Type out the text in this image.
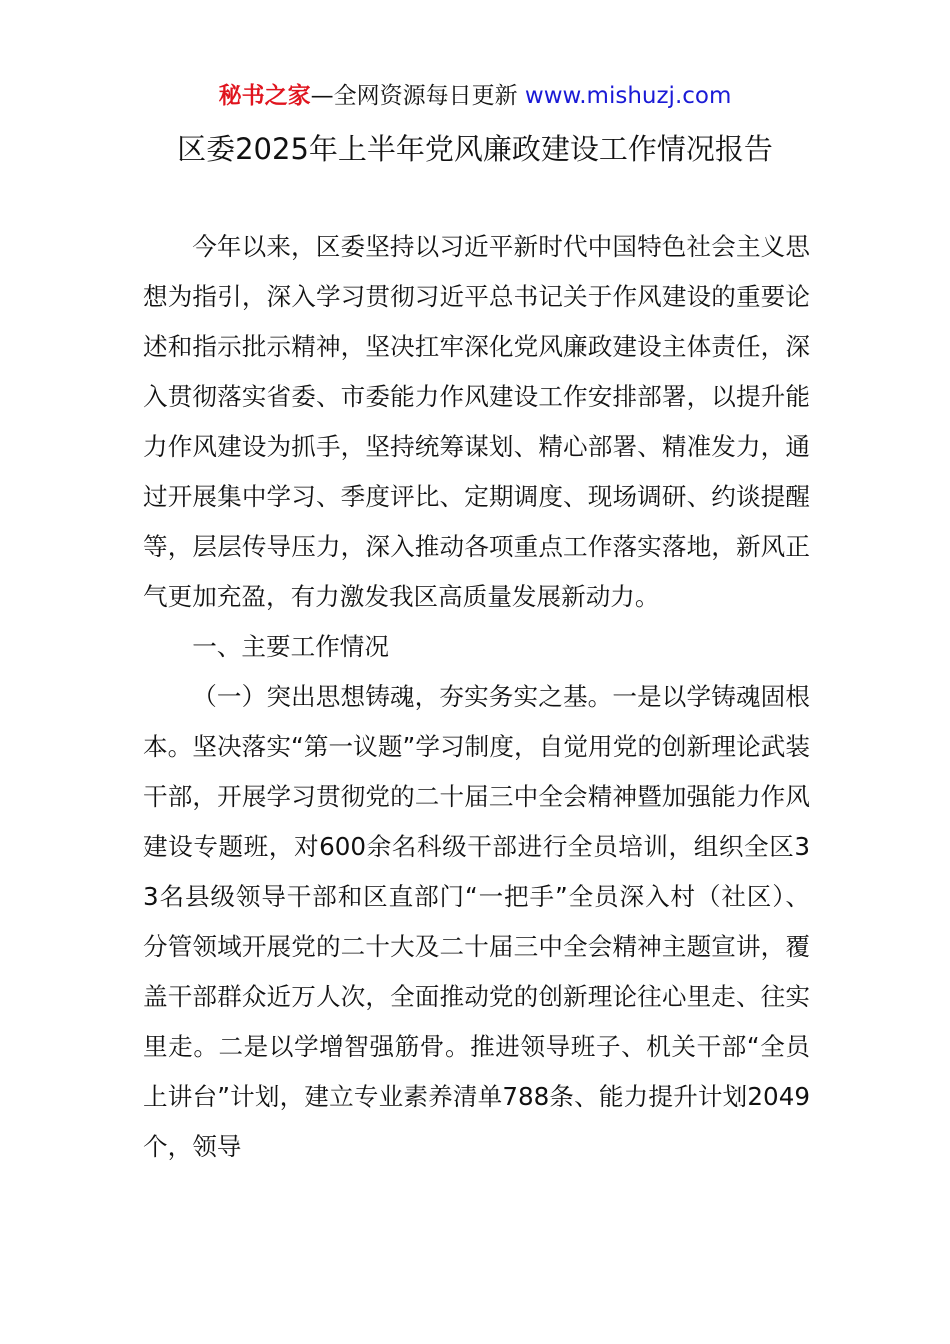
秘书之家—全网资源每日更新 www.mishuzj.com
区委2025年上半年党风廉政建设工作情况报告

今年以来，区委坚持以习近平新时代中国特色社会主义思想为指引，深入学习贯彻习近平总书记关于作风建设的重要论述和指示批示精神，坚决扛牢深化党风廉政建设主体责任，深入贯彻落实省委、市委能力作风建设工作安排部署，以提升能力作风建设为抓手，坚持统筹谋划、精心部署、精准发力，通过开展集中学习、季度评比、定期调度、现场调研、约谈提醒等，层层传导压力，深入推动各项重点工作落实落地，新风正气更加充盈，有力激发我区高质量发展新动力。

一、主要工作情况

（一）突出思想铸魂，夯实务实之基。一是以学铸魂固根本。坚决落实“第一议题”学习制度，自觉用党的创新理论武装干部，开展学习贯彻党的二十届三中全会精神暨加强能力作风建设专题班，对600余名科级干部进行全员培训，组织全区33名县级领导干部和区直部门“一把手”全员深入村（社区）、分管领域开展党的二十大及二十届三中全会精神主题宣讲，覆盖干部群众近万人次，全面推动党的创新理论往心里走、往实里走。二是以学增智强筋骨。推进领导班子、机关干部“全员上讲台”计划，建立专业素养清单788条、能力提升计划2049个，领导
